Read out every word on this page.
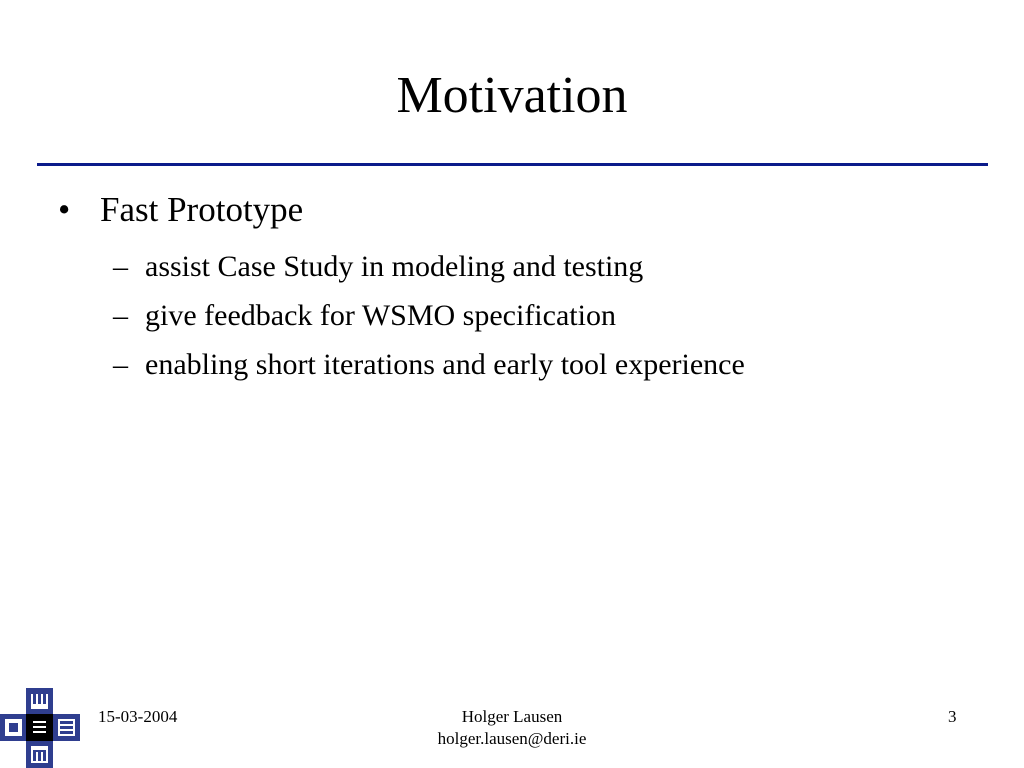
Motivation
• Fast Prototype
– assist Case Study in modeling and testing
– give feedback for WSMO specification
– enabling short iterations and early tool experience
15-03-2004	Holger Lausen
holger.lausen@deri.ie
3
